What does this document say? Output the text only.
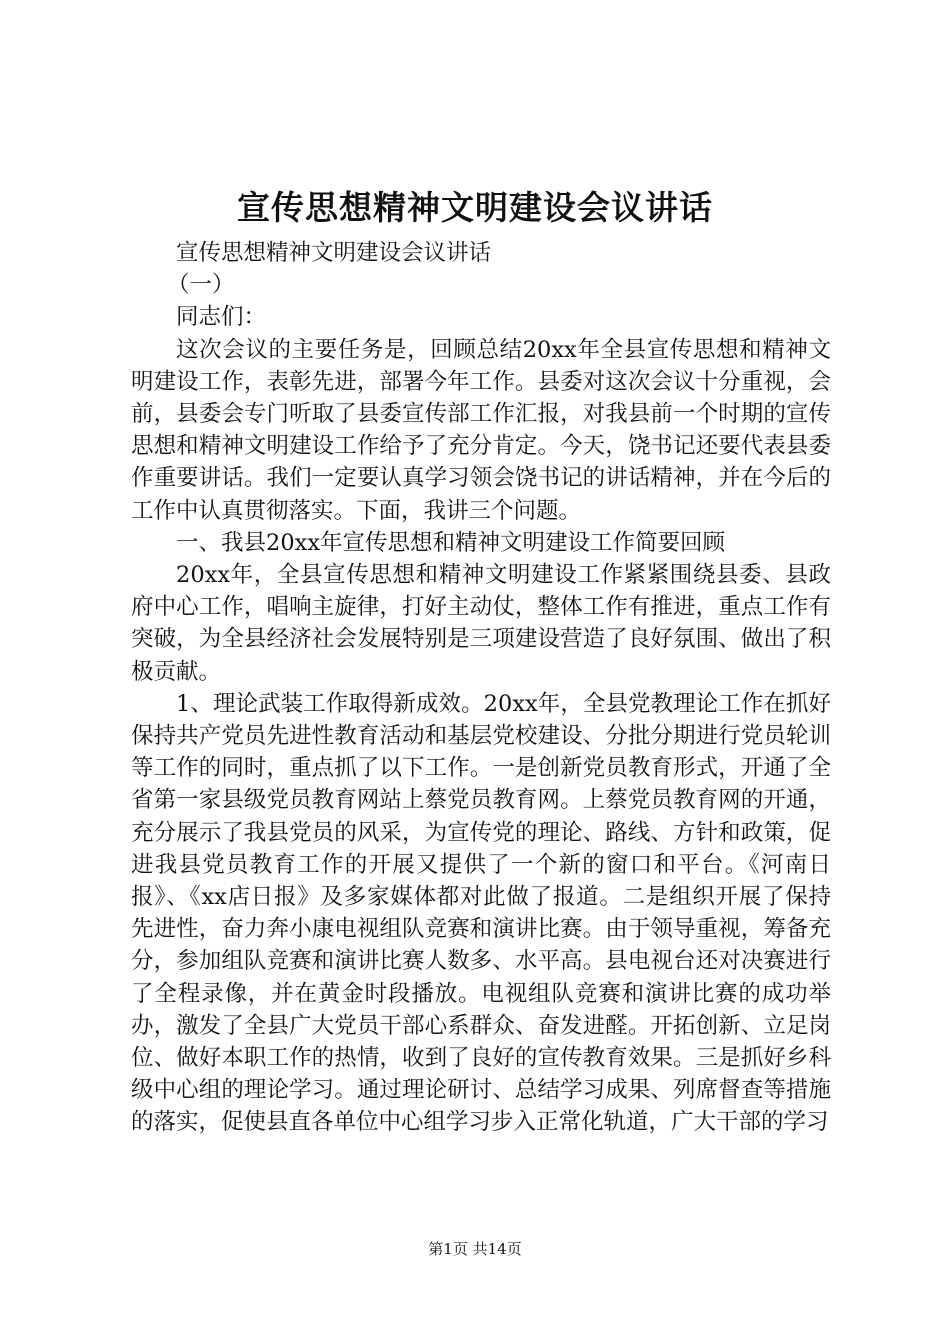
宣传思想精神文明建设会议讲话

宣传思想精神文明建设会议讲话

（一）

同志们：

这次会议的主要任务是，回顾总结20xx年全县宣传思想和精神文明建设工作，表彰先进，部署今年工作。县委对这次会议十分重视，会前，县委会专门听取了县委宣传部工作汇报，对我县前一个时期的宣传思想和精神文明建设工作给予了充分肯定。今天，饶书记还要代表县委作重要讲话。我们一定要认真学习领会饶书记的讲话精神，并在今后的工作中认真贯彻落实。下面，我讲三个问题。

一、我县20xx年宣传思想和精神文明建设工作简要回顾

20xx年，全县宣传思想和精神文明建设工作紧紧围绕县委、县政府中心工作，唱响主旋律，打好主动仗，整体工作有推进，重点工作有突破，为全县经济社会发展特别是三项建设营造了良好氛围、做出了积极贡献。

1、理论武装工作取得新成效。20xx年，全县党教理论工作在抓好保持共产党员先进性教育活动和基层党校建设、分批分期进行党员轮训等工作的同时，重点抓了以下工作。一是创新党员教育形式，开通了全省第一家县级党员教育网站上蔡党员教育网。上蔡党员教育网的开通，充分展示了我县党员的风采，为宣传党的理论、路线、方针和政策，促进我县党员教育工作的开展又提供了一个新的窗口和平台。《河南日报》、《xx店日报》及多家媒体都对此做了报道。二是组织开展了保持先进性，奋力奔小康电视组队竞赛和演讲比赛。由于领导重视，筹备充分，参加组队竞赛和演讲比赛人数多、水平高。县电视台还对决赛进行了全程录像，并在黄金时段播放。电视组队竞赛和演讲比赛的成功举办，激发了全县广大党员干部心系群众、奋发进醛。开拓创新、立足岗位、做好本职工作的热情，收到了良好的宣传教育效果。三是抓好乡科级中心组的理论学习。通过理论研讨、总结学习成果、列席督查等措施的落实，促使县直各单位中心组学习步入正常化轨道，广大干部的学习

第1页 共14页
